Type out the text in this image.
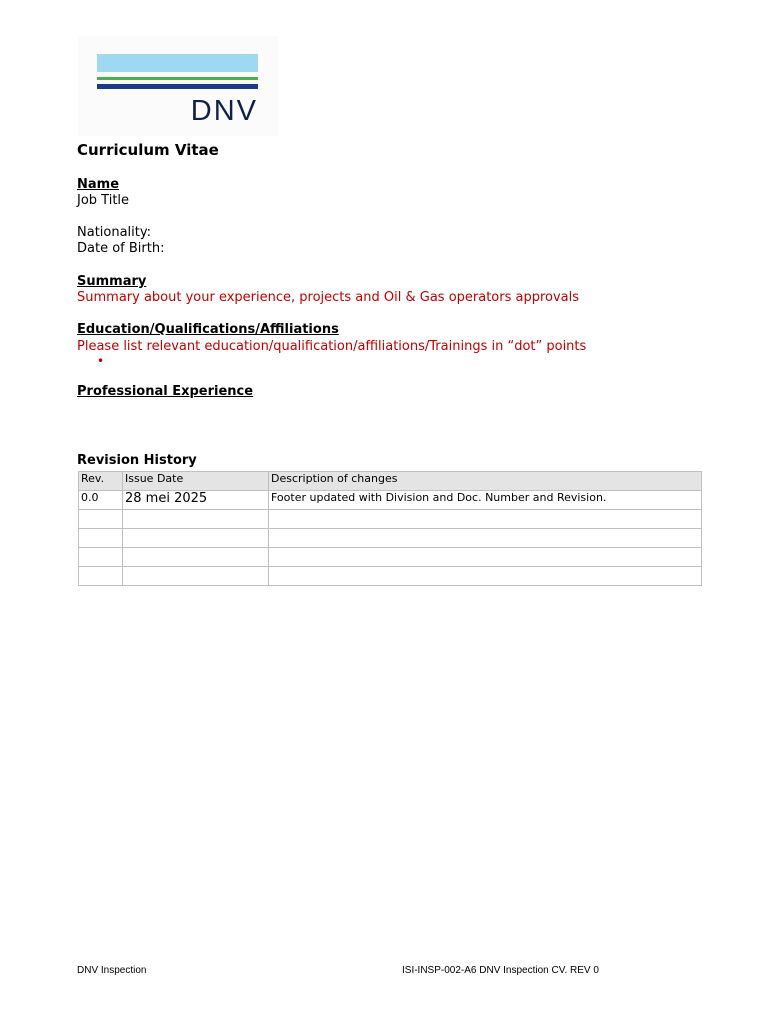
DNV
Curriculum Vitae
Name
Job Title
Nationality:
Date of Birth:
Summary
Summary about your experience, projects and Oil & Gas operators approvals
Education/Qualifications/Affiliations
Please list relevant education/qualification/affiliations/Trainings in “dot” points
•
Professional Experience
Revision History
Rev.	Issue Date	Description of changes
0.0	28 mei 2025	Footer updated with Division and Doc. Number and Revision.

DNV Inspection	ISI-INSP-002-A6 DNV Inspection CV. REV 0
